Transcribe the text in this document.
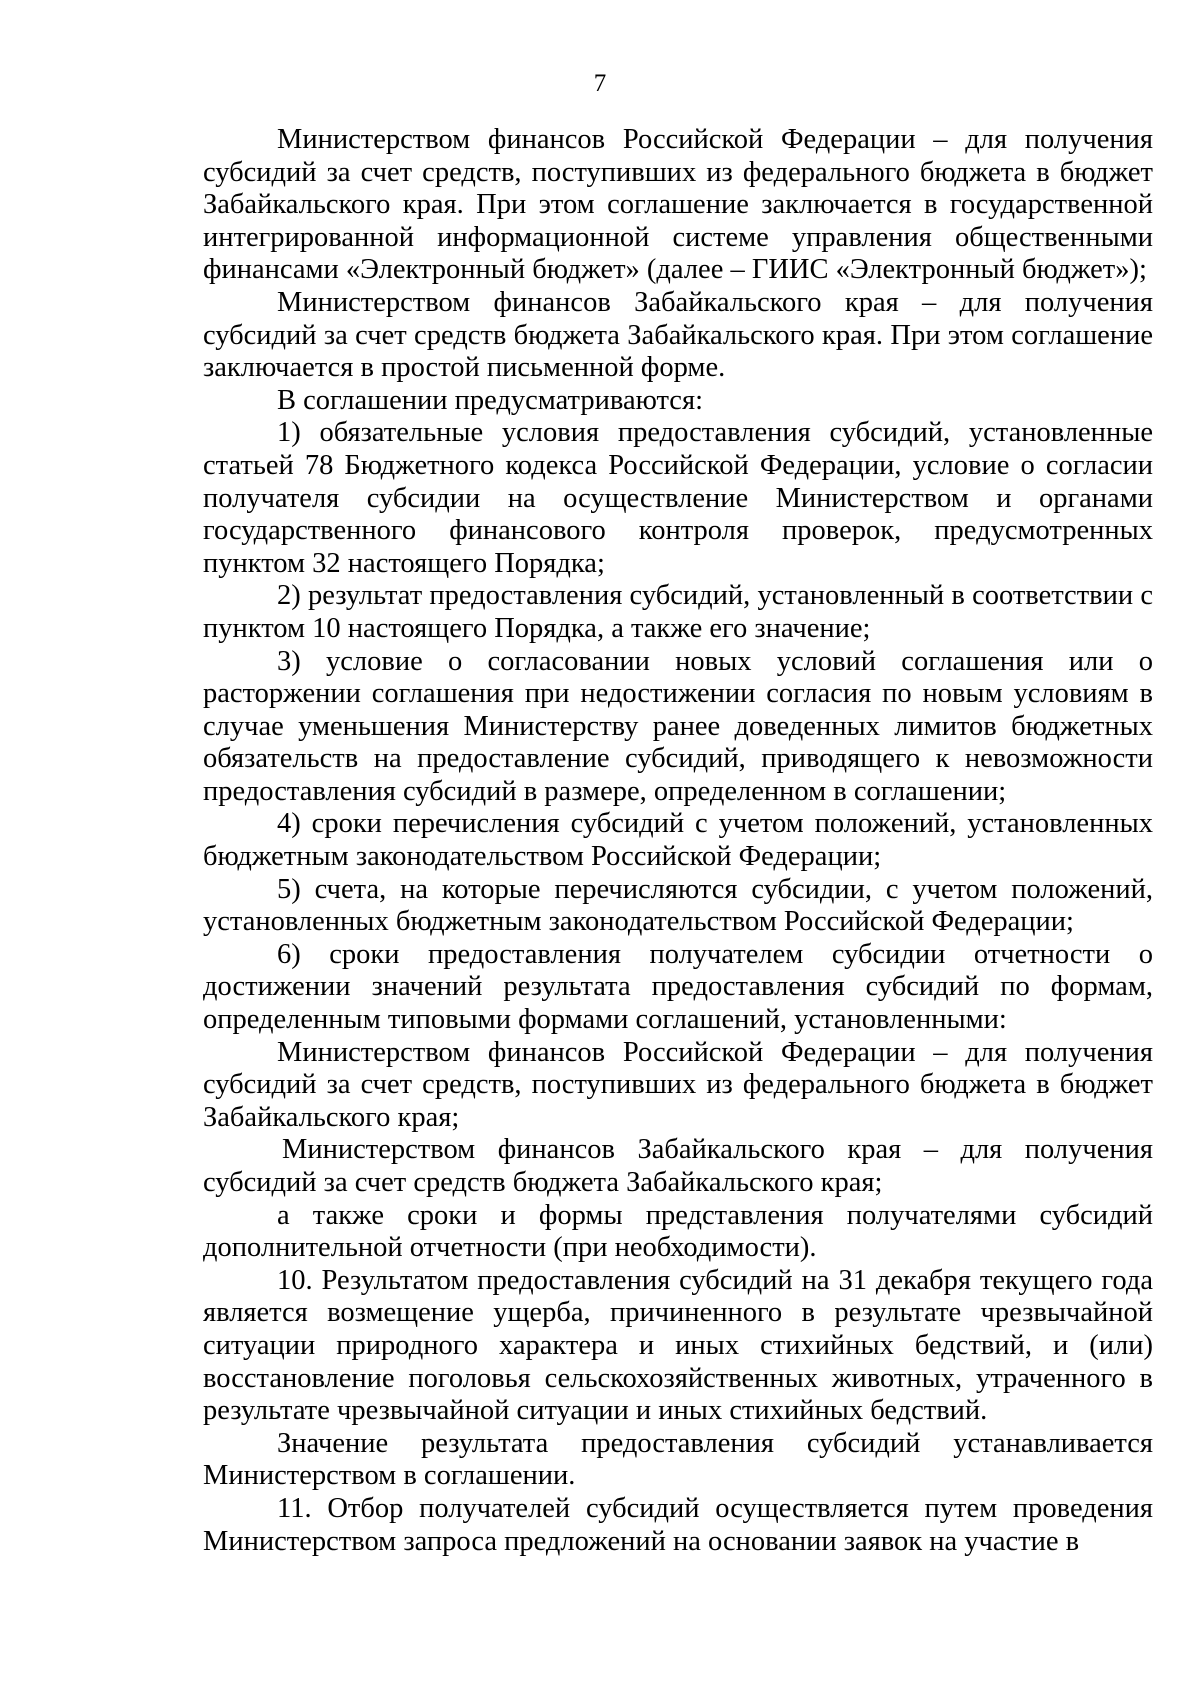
7

Министерством финансов Российской Федерации – для получения субсидий за счет средств, поступивших из федерального бюджета в бюджет Забайкальского края. При этом соглашение заключается в государственной интегрированной информационной системе управления общественными финансами «Электронный бюджет» (далее – ГИИС «Электронный бюджет»);

Министерством финансов Забайкальского края – для получения субсидий за счет средств бюджета Забайкальского края. При этом соглашение заключается в простой письменной форме.

В соглашении предусматриваются:

1) обязательные условия предоставления субсидий, установленные статьей 78 Бюджетного кодекса Российской Федерации, условие о согласии получателя субсидии на осуществление Министерством и органами государственного финансового контроля проверок, предусмотренных пунктом 32 настоящего Порядка;

2) результат предоставления субсидий, установленный в соответствии с пунктом 10 настоящего Порядка, а также его значение;

3) условие о согласовании новых условий соглашения или о расторжении соглашения при недостижении согласия по новым условиям в случае уменьшения Министерству ранее доведенных лимитов бюджетных обязательств на предоставление субсидий, приводящего к невозможности предоставления субсидий в размере, определенном в соглашении;

4) сроки перечисления субсидий с учетом положений, установленных бюджетным законодательством Российской Федерации;

5) счета, на которые перечисляются субсидии, с учетом положений, установленных бюджетным законодательством Российской Федерации;

6) сроки предоставления получателем субсидии отчетности о достижении значений результата предоставления субсидий по формам, определенным типовыми формами соглашений, установленными:

Министерством финансов Российской Федерации – для получения субсидий за счет средств, поступивших из федерального бюджета в бюджет Забайкальского края;

Министерством финансов Забайкальского края – для получения субсидий за счет средств бюджета Забайкальского края;

а также сроки и формы представления получателями субсидий дополнительной отчетности (при необходимости).

10. Результатом предоставления субсидий на 31 декабря текущего года является возмещение ущерба, причиненного в результате чрезвычайной ситуации природного характера и иных стихийных бедствий, и (или) восстановление поголовья сельскохозяйственных животных, утраченного в результате чрезвычайной ситуации и иных стихийных бедствий.

Значение результата предоставления субсидий устанавливается Министерством в соглашении.

11. Отбор получателей субсидий осуществляется путем проведения Министерством запроса предложений на основании заявок на участие в
